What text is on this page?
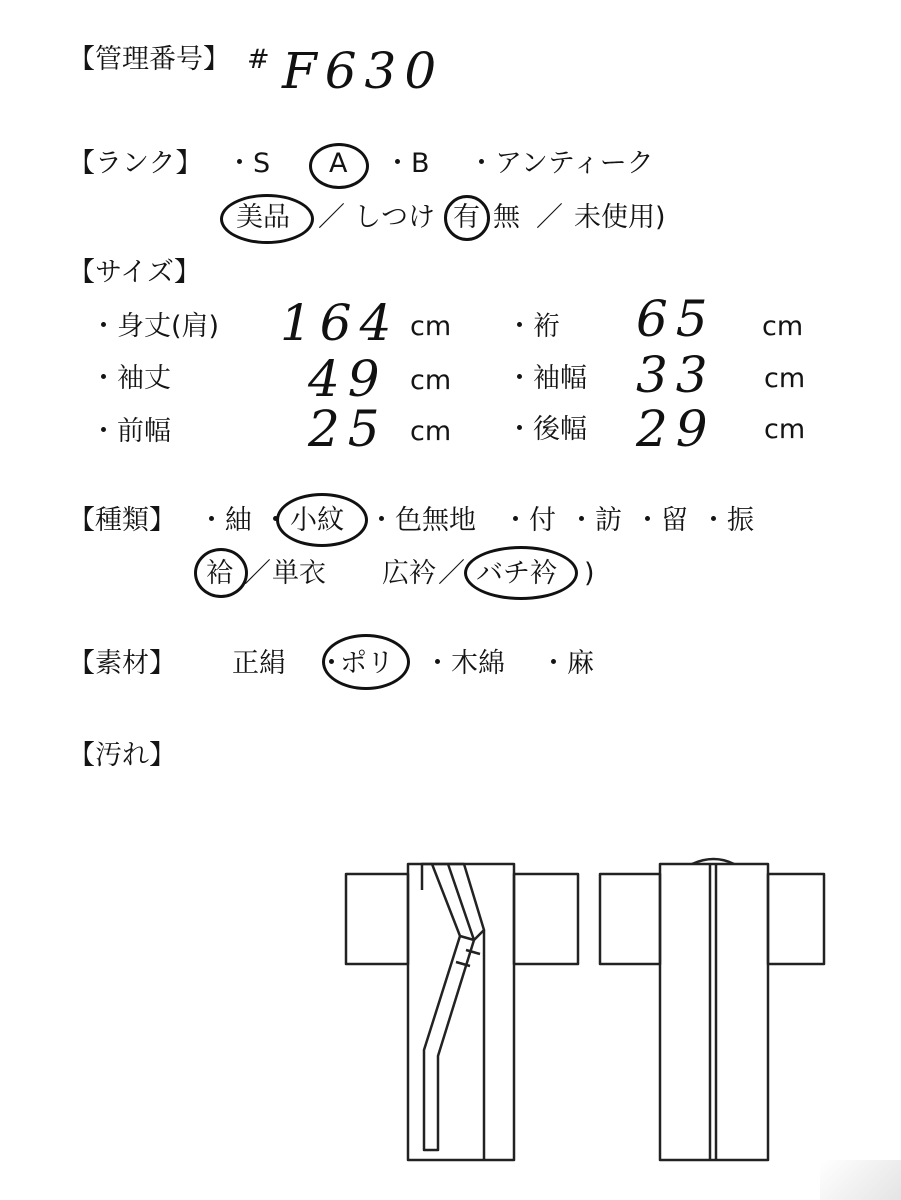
【管理番号】 # F630
【ランク】 ・S A ・B ・アンティーク
美品 ／ しつけ 有 無 ／ 未使用)
【サイズ】
・身丈(肩) 164 cm ・裄 65 cm
・袖丈	49 cm ・袖幅 33 cm
・前幅	25 cm ・後幅 29 cm
【種類】 ・紬 ・ 小紋 ・色無地 ・付 ・訪 ・留 ・振
袷 ／ 単衣 広衿 ／ バチ衿 )
【素材】 正絹 ・
ポリ ・木綿 ・麻
【汚れ】
